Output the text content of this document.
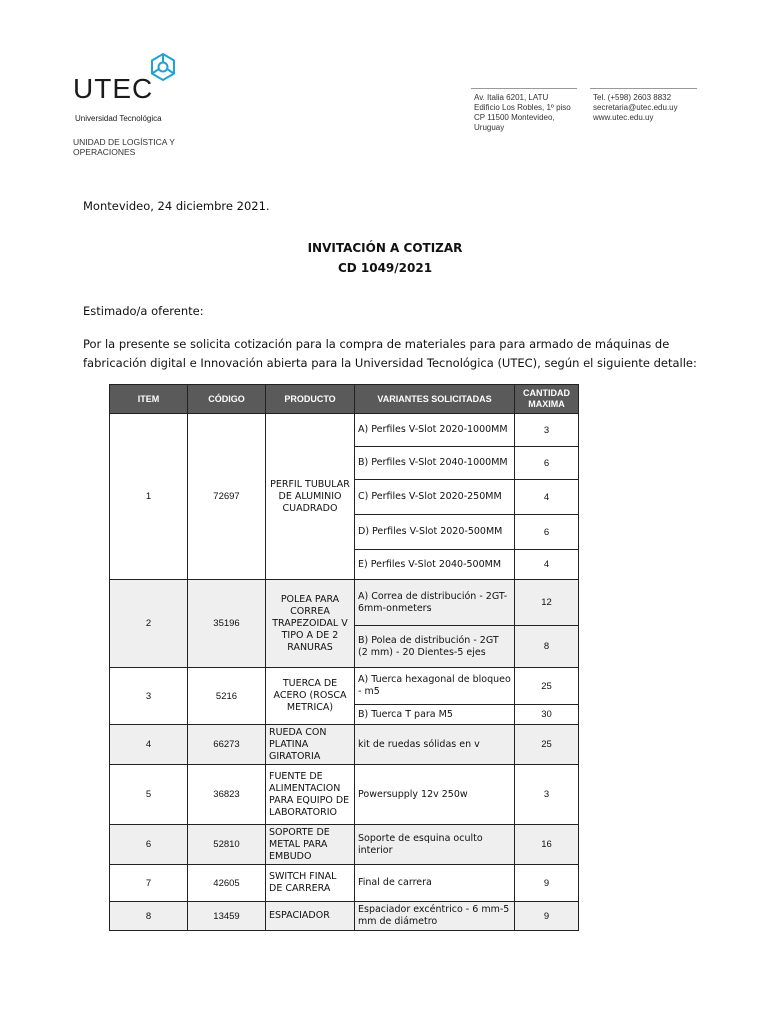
UTEC
Universidad Tecnológica
UNIDAD DE LOGÍSTICA Y OPERACIONES
Av. Italia 6201, LATU
Edificio Los Robles, 1º piso
CP 11500 Montevideo,
Uruguay
Tel. (+598) 2603 8832
secretaria@utec.edu.uy
www.utec.edu.uy
Montevideo, 24 diciembre 2021.
INVITACIÓN A COTIZAR
CD 1049/2021
Estimado/a oferente:
Por la presente se solicita cotización para la compra de materiales para para armado de máquinas de fabricación digital e Innovación abierta para la Universidad Tecnológica (UTEC), según el siguiente detalle:
ITEM	CÓDIGO	PRODUCTO	VARIANTES SOLICITADAS	CANTIDAD MAXIMA
1	72697	PERFIL TUBULAR DE ALUMINIO CUADRADO	A) Perfiles V-Slot 2020-1000MM	3
			B) Perfiles V-Slot 2040-1000MM	6
			C) Perfiles V-Slot 2020-250MM	4
			D) Perfiles V-Slot 2020-500MM	6
			E) Perfiles V-Slot 2040-500MM	4
2	35196	POLEA PARA CORREA TRAPEZOIDAL V TIPO A DE 2 RANURAS	A) Correa de distribución - 2GT-6mm-onmeters	12
			B) Polea de distribución - 2GT (2 mm) - 20 Dientes-5 ejes	8
3	5216	TUERCA DE ACERO (ROSCA METRICA)	A) Tuerca hexagonal de bloqueo - m5	25
			B) Tuerca T para M5	30
4	66273	RUEDA CON PLATINA GIRATORIA	kit de ruedas sólidas en v	25
5	36823	FUENTE DE ALIMENTACION PARA EQUIPO DE LABORATORIO	Powersupply 12v 250w	3
6	52810	SOPORTE DE METAL PARA EMBUDO	Soporte de esquina oculto interior	16
7	42605	SWITCH FINAL DE CARRERA	Final de carrera	9
8	13459	ESPACIADOR	Espaciador excéntrico - 6 mm-5 mm de diámetro	9
